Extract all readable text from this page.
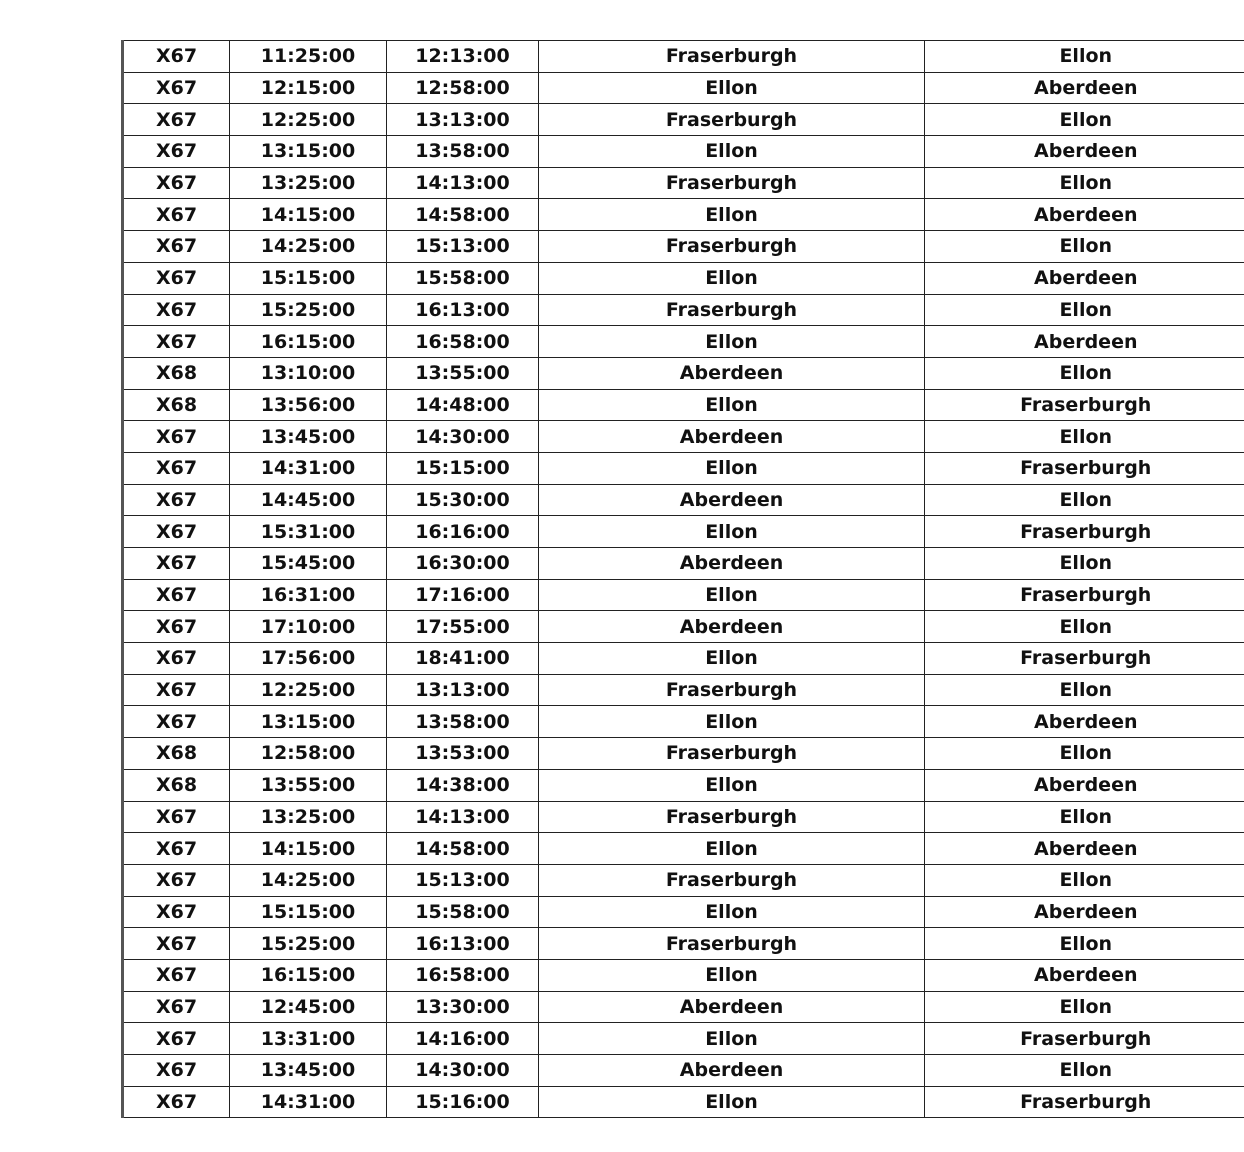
X67	11:25:00	12:13:00	Fraserburgh	Ellon
X67	12:15:00	12:58:00	Ellon	Aberdeen
X67	12:25:00	13:13:00	Fraserburgh	Ellon
X67	13:15:00	13:58:00	Ellon	Aberdeen
X67	13:25:00	14:13:00	Fraserburgh	Ellon
X67	14:15:00	14:58:00	Ellon	Aberdeen
X67	14:25:00	15:13:00	Fraserburgh	Ellon
X67	15:15:00	15:58:00	Ellon	Aberdeen
X67	15:25:00	16:13:00	Fraserburgh	Ellon
X67	16:15:00	16:58:00	Ellon	Aberdeen
X68	13:10:00	13:55:00	Aberdeen	Ellon
X68	13:56:00	14:48:00	Ellon	Fraserburgh
X67	13:45:00	14:30:00	Aberdeen	Ellon
X67	14:31:00	15:15:00	Ellon	Fraserburgh
X67	14:45:00	15:30:00	Aberdeen	Ellon
X67	15:31:00	16:16:00	Ellon	Fraserburgh
X67	15:45:00	16:30:00	Aberdeen	Ellon
X67	16:31:00	17:16:00	Ellon	Fraserburgh
X67	17:10:00	17:55:00	Aberdeen	Ellon
X67	17:56:00	18:41:00	Ellon	Fraserburgh
X67	12:25:00	13:13:00	Fraserburgh	Ellon
X67	13:15:00	13:58:00	Ellon	Aberdeen
X68	12:58:00	13:53:00	Fraserburgh	Ellon
X68	13:55:00	14:38:00	Ellon	Aberdeen
X67	13:25:00	14:13:00	Fraserburgh	Ellon
X67	14:15:00	14:58:00	Ellon	Aberdeen
X67	14:25:00	15:13:00	Fraserburgh	Ellon
X67	15:15:00	15:58:00	Ellon	Aberdeen
X67	15:25:00	16:13:00	Fraserburgh	Ellon
X67	16:15:00	16:58:00	Ellon	Aberdeen
X67	12:45:00	13:30:00	Aberdeen	Ellon
X67	13:31:00	14:16:00	Ellon	Fraserburgh
X67	13:45:00	14:30:00	Aberdeen	Ellon
X67	14:31:00	15:16:00	Ellon	Fraserburgh
